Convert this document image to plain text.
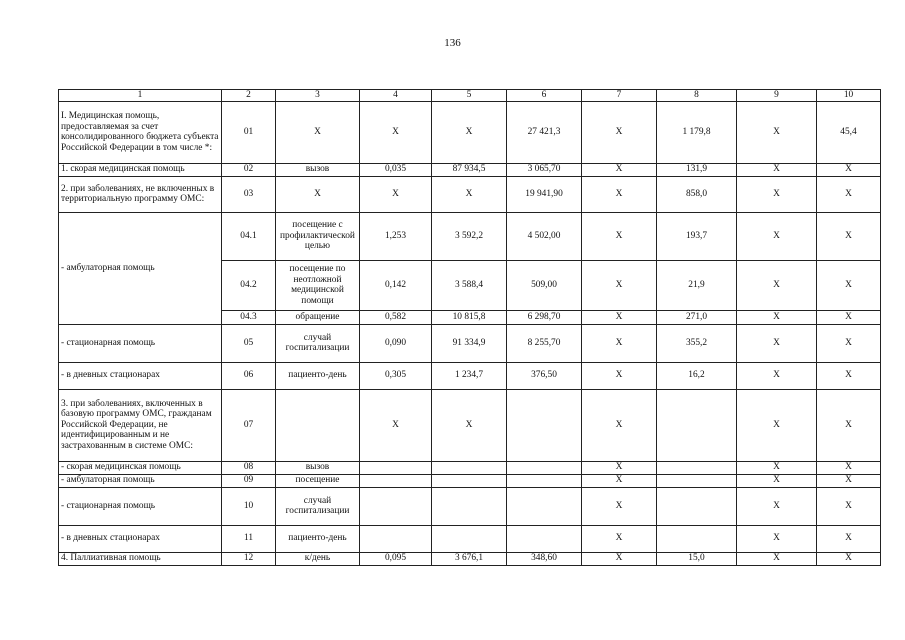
136
1	2	3	4	5	6	7	8	9	10
I. Медицинская помощь, предоставляемая за счет консолидированного бюджета субъекта Российской Федерации в том числе *:	01	Х	Х	Х	27 421,3	Х	1 179,8	Х	45,4
1. скорая медицинская помощь	02	вызов	0,035	87 934,5	3 065,70	Х	131,9	Х	Х
2. при заболеваниях, не включенных в территориальную программу ОМС:	03	Х	Х	Х	19 941,90	Х	858,0	Х	Х
- амбулаторная помощь	04.1	посещение с профилактической целью	1,253	3 592,2	4 502,00	Х	193,7	Х	Х
	04.2	посещение по неотложной медицинской помощи	0,142	3 588,4	509,00	Х	21,9	Х	Х
	04.3	обращение	0,582	10 815,8	6 298,70	Х	271,0	Х	Х
- стационарная помощь	05	случай госпитализации	0,090	91 334,9	8 255,70	Х	355,2	Х	Х
- в дневных стационарах	06	пациенто-день	0,305	1 234,7	376,50	Х	16,2	Х	Х
3. при заболеваниях, включенных в базовую программу ОМС, гражданам Российской Федерации, не идентифицированным и не застрахованным в системе ОМС:	07		Х	Х		Х		Х	Х
- скорая медицинская помощь	08	вызов				Х		Х	Х
- амбулаторная помощь	09	посещение				Х		Х	Х
- стационарная помощь	10	случай госпитализации				Х		Х	Х
- в дневных стационарах	11	пациенто-день				Х		Х	Х
4. Паллиативная помощь	12	к/день	0,095	3 676,1	348,60	Х	15,0	Х	Х
